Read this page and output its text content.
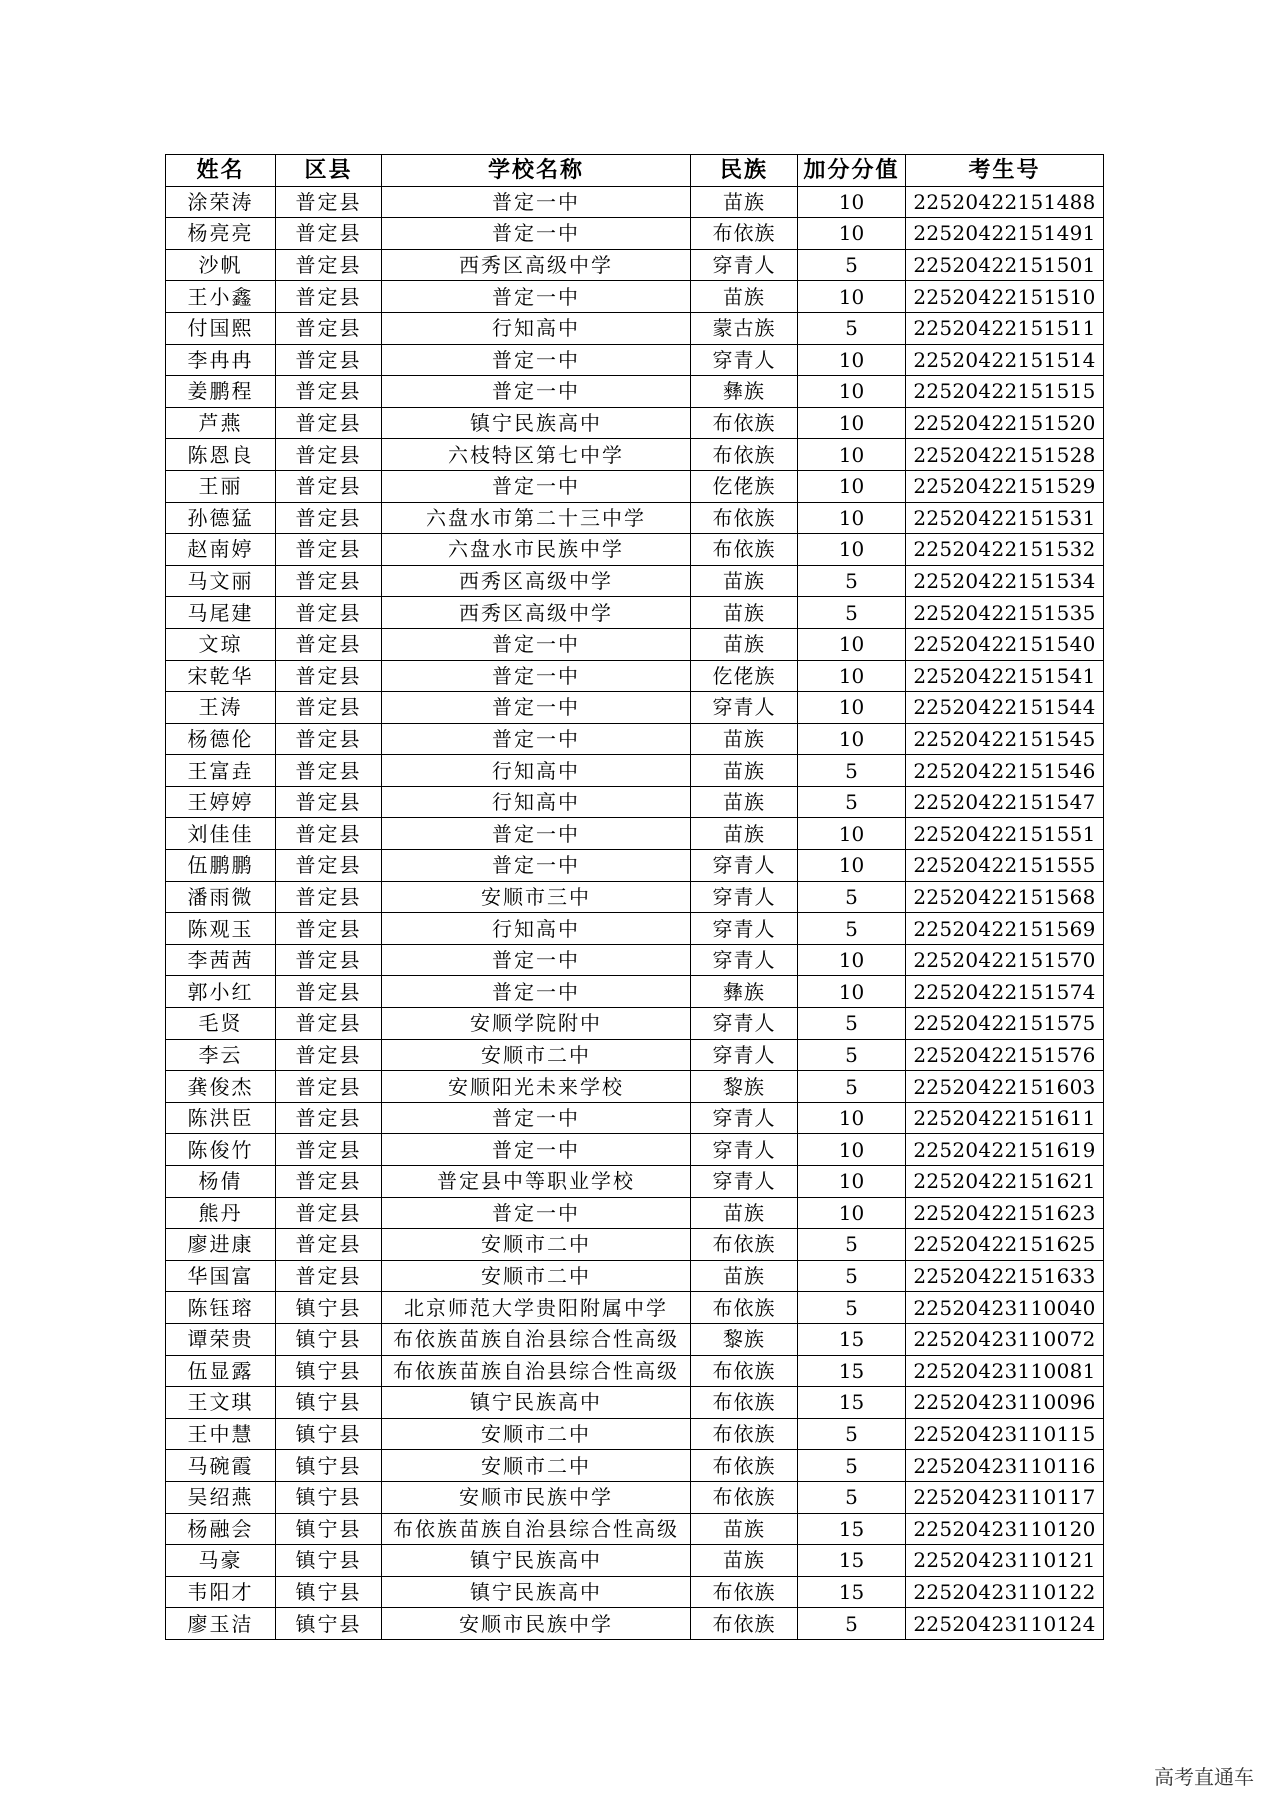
姓名	区县	学校名称	民族	加分分值	考生号
涂荣涛	普定县	普定一中	苗族	10	22520422151488
杨亮亮	普定县	普定一中	布依族	10	22520422151491
沙帆	普定县	西秀区高级中学	穿青人	5	22520422151501
王小鑫	普定县	普定一中	苗族	10	22520422151510
付国熙	普定县	行知高中	蒙古族	5	22520422151511
李冉冉	普定县	普定一中	穿青人	10	22520422151514
姜鹏程	普定县	普定一中	彝族	10	22520422151515
芦燕	普定县	镇宁民族高中	布依族	10	22520422151520
陈恩良	普定县	六枝特区第七中学	布依族	10	22520422151528
王丽	普定县	普定一中	仡佬族	10	22520422151529
孙德猛	普定县	六盘水市第二十三中学	布依族	10	22520422151531
赵南婷	普定县	六盘水市民族中学	布依族	10	22520422151532
马文丽	普定县	西秀区高级中学	苗族	5	22520422151534
马尾建	普定县	西秀区高级中学	苗族	5	22520422151535
文琼	普定县	普定一中	苗族	10	22520422151540
宋乾华	普定县	普定一中	仡佬族	10	22520422151541
王涛	普定县	普定一中	穿青人	10	22520422151544
杨德伦	普定县	普定一中	苗族	10	22520422151545
王富垚	普定县	行知高中	苗族	5	22520422151546
王婷婷	普定县	行知高中	苗族	5	22520422151547
刘佳佳	普定县	普定一中	苗族	10	22520422151551
伍鹏鹏	普定县	普定一中	穿青人	10	22520422151555
潘雨微	普定县	安顺市三中	穿青人	5	22520422151568
陈观玉	普定县	行知高中	穿青人	5	22520422151569
李茜茜	普定县	普定一中	穿青人	10	22520422151570
郭小红	普定县	普定一中	彝族	10	22520422151574
毛贤	普定县	安顺学院附中	穿青人	5	22520422151575
李云	普定县	安顺市二中	穿青人	5	22520422151576
龚俊杰	普定县	安顺阳光未来学校	黎族	5	22520422151603
陈洪臣	普定县	普定一中	穿青人	10	22520422151611
陈俊竹	普定县	普定一中	穿青人	10	22520422151619
杨倩	普定县	普定县中等职业学校	穿青人	10	22520422151621
熊丹	普定县	普定一中	苗族	10	22520422151623
廖进康	普定县	安顺市二中	布依族	5	22520422151625
华国富	普定县	安顺市二中	苗族	5	22520422151633
陈钰瑢	镇宁县	北京师范大学贵阳附属中学	布依族	5	22520423110040
谭荣贵	镇宁县	布依族苗族自治县综合性高级	黎族	15	22520423110072
伍显露	镇宁县	布依族苗族自治县综合性高级	布依族	15	22520423110081
王文琪	镇宁县	镇宁民族高中	布依族	15	22520423110096
王中慧	镇宁县	安顺市二中	布依族	5	22520423110115
马碗霞	镇宁县	安顺市二中	布依族	5	22520423110116
吴绍燕	镇宁县	安顺市民族中学	布依族	5	22520423110117
杨融会	镇宁县	布依族苗族自治县综合性高级	苗族	15	22520423110120
马豪	镇宁县	镇宁民族高中	苗族	15	22520423110121
韦阳才	镇宁县	镇宁民族高中	布依族	15	22520423110122
廖玉洁	镇宁县	安顺市民族中学	布依族	5	22520423110124
高考直通车
